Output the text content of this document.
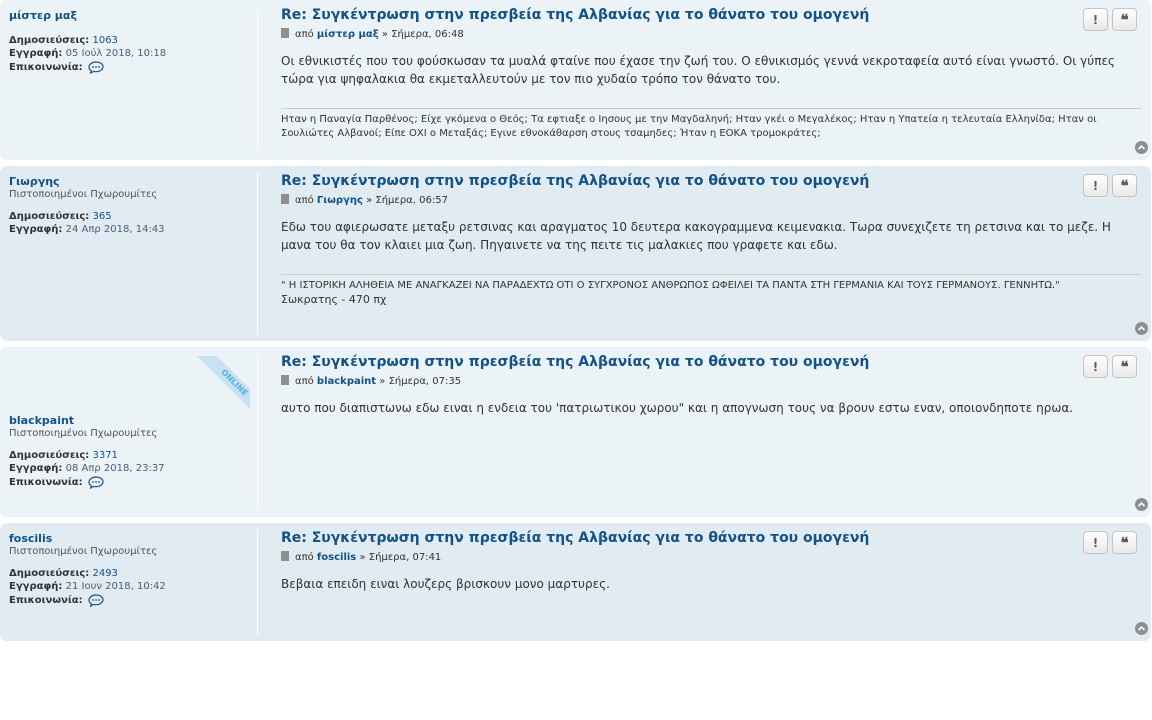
μίστερ μαξ
Δημοσιεύσεις: 1063
Εγγραφή: 05 Ιούλ 2018, 10:18
Επικοινωνία:
Re: Συγκέντρωση στην πρεσβεία της Αλβανίας για το θάνατο του ομογενή
από μίστερ μαξ » Σήμερα, 06:48
Οι εθνικιστές που του φούσκωσαν τα μυαλά φταίνε που έχασε την ζωή του. Ο εθνικισμός γεννά νεκροταφεία αυτό είναι γνωστό. Οι γύπες τώρα για ψηφαλακια θα εκμεταλλευτούν με τον πιο χυδαίο τρόπο τον θάνατο του.
Ηταν η Παναγία Παρθένος; Είχε γκόμενα ο Θεός; Τα εφτιαξε ο Ιησους με την Μαγδαληνή; Ηταν γκέι ο Μεγαλέκος; Ηταν η Υπατεία η τελευταία Ελληνίδα; Ηταν οι Σουλιώτες Αλβανοί; Είπε ΟΧΙ ο Μεταξάς; Εγινε εθνοκάθαρση στους τσαμηδες; Ήταν η ΕΟΚΑ τρομοκράτες;
! ❝
Γιωργης
Πιστοποιημένοι Πχωρουμίτες
Δημοσιεύσεις: 365
Εγγραφή: 24 Απρ 2018, 14:43
Re: Συγκέντρωση στην πρεσβεία της Αλβανίας για το θάνατο του ομογενή
από Γιωργης » Σήμερα, 06:57
Εδω του αφιερωσατε μεταξυ ρετσινας και αραγματος 10 δευτερα κακογραμμενα κειμενακια. Τωρα συνεχιζετε τη ρετσινα και το μεζε. Η μανα του θα τον κλαιει μια ζωη. Πηγαινετε να της πειτε τις μαλακιες που γραφετε και εδω.
" Η ΙΣΤΟΡΙΚΗ ΑΛΗΘΕΙΑ ΜΕ ΑΝΑΓΚΑΖΕΙ ΝΑ ΠΑΡΑΔΕΧΤΩ ΟΤΙ Ο ΣΥΓΧΡΟΝΟΣ ΑΝΘΡΩΠΟΣ ΩΦΕΙΛΕΙ ΤΑ ΠΑΝΤΑ ΣΤΗ ΓΕΡΜΑΝΙΑ ΚΑΙ ΤΟΥΣ ΓΕΡΜΑΝΟΥΣ. ΓΕΝΝΗΤΩ."
Σωκρατης - 470 πχ
! ❝
ONLINE
blackpaint
Πιστοποιημένοι Πχωρουμίτες
Δημοσιεύσεις: 3371
Εγγραφή: 08 Απρ 2018, 23:37
Επικοινωνία:
Re: Συγκέντρωση στην πρεσβεία της Αλβανίας για το θάνατο του ομογενή
από blackpaint » Σήμερα, 07:35
αυτο που διαπιστωνω εδω ειναι η ενδεια του 'πατριωτικου χωρου" και η απογνωση τους να βρουν εστω εναν, οποιονδηποτε ηρωα.
! ❝
foscilis
Πιστοποιημένοι Πχωρουμίτες
Δημοσιεύσεις: 2493
Εγγραφή: 21 Ιουν 2018, 10:42
Επικοινωνία:
Re: Συγκέντρωση στην πρεσβεία της Αλβανίας για το θάνατο του ομογενή
από foscilis » Σήμερα, 07:41
Βεβαια επειδη ειναι λουζερς βρισκουν μονο μαρτυρες.
! ❝
